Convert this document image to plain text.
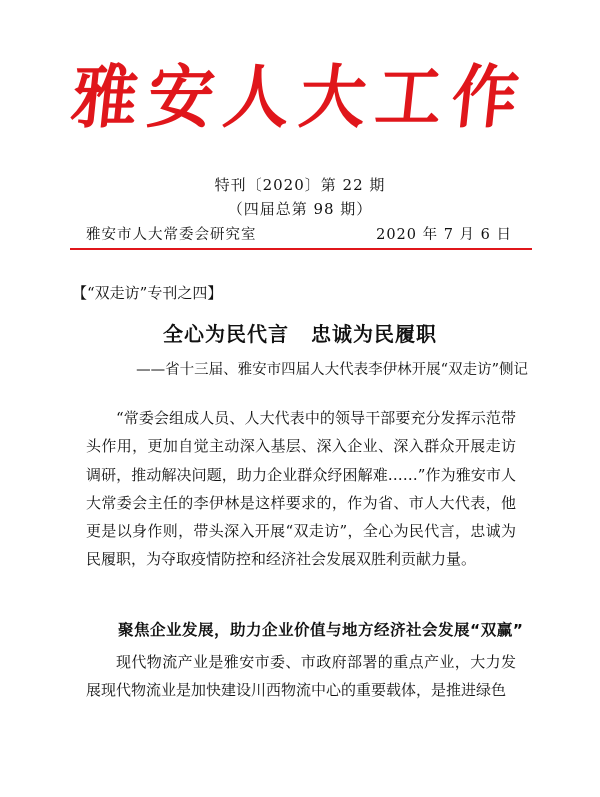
雅安人大工作
特刊〔2020〕第 22 期
（四届总第 98 期）
雅安市人大常委会研究室	2020 年 7 月 6 日
【“双走访”专刊之四】
全心为民代言 忠诚为民履职
——省十三届、雅安市四届人大代表李伊林开展“双走访”侧记

“常委会组成人员、人大代表中的领导干部要充分发挥示范带头作用，更加自觉主动深入基层、深入企业、深入群众开展走访调研，推动解决问题，助力企业群众纾困解难……”作为雅安市人大常委会主任的李伊林是这样要求的，作为省、市人大代表，他更是以身作则，带头深入开展“双走访”，全心为民代言，忠诚为民履职，为夺取疫情防控和经济社会发展双胜利贡献力量。

聚焦企业发展，助力企业价值与地方经济社会发展“双赢”

现代物流产业是雅安市委、市政府部署的重点产业，大力发展现代物流业是加快建设川西物流中心的重要载体，是推进绿色
